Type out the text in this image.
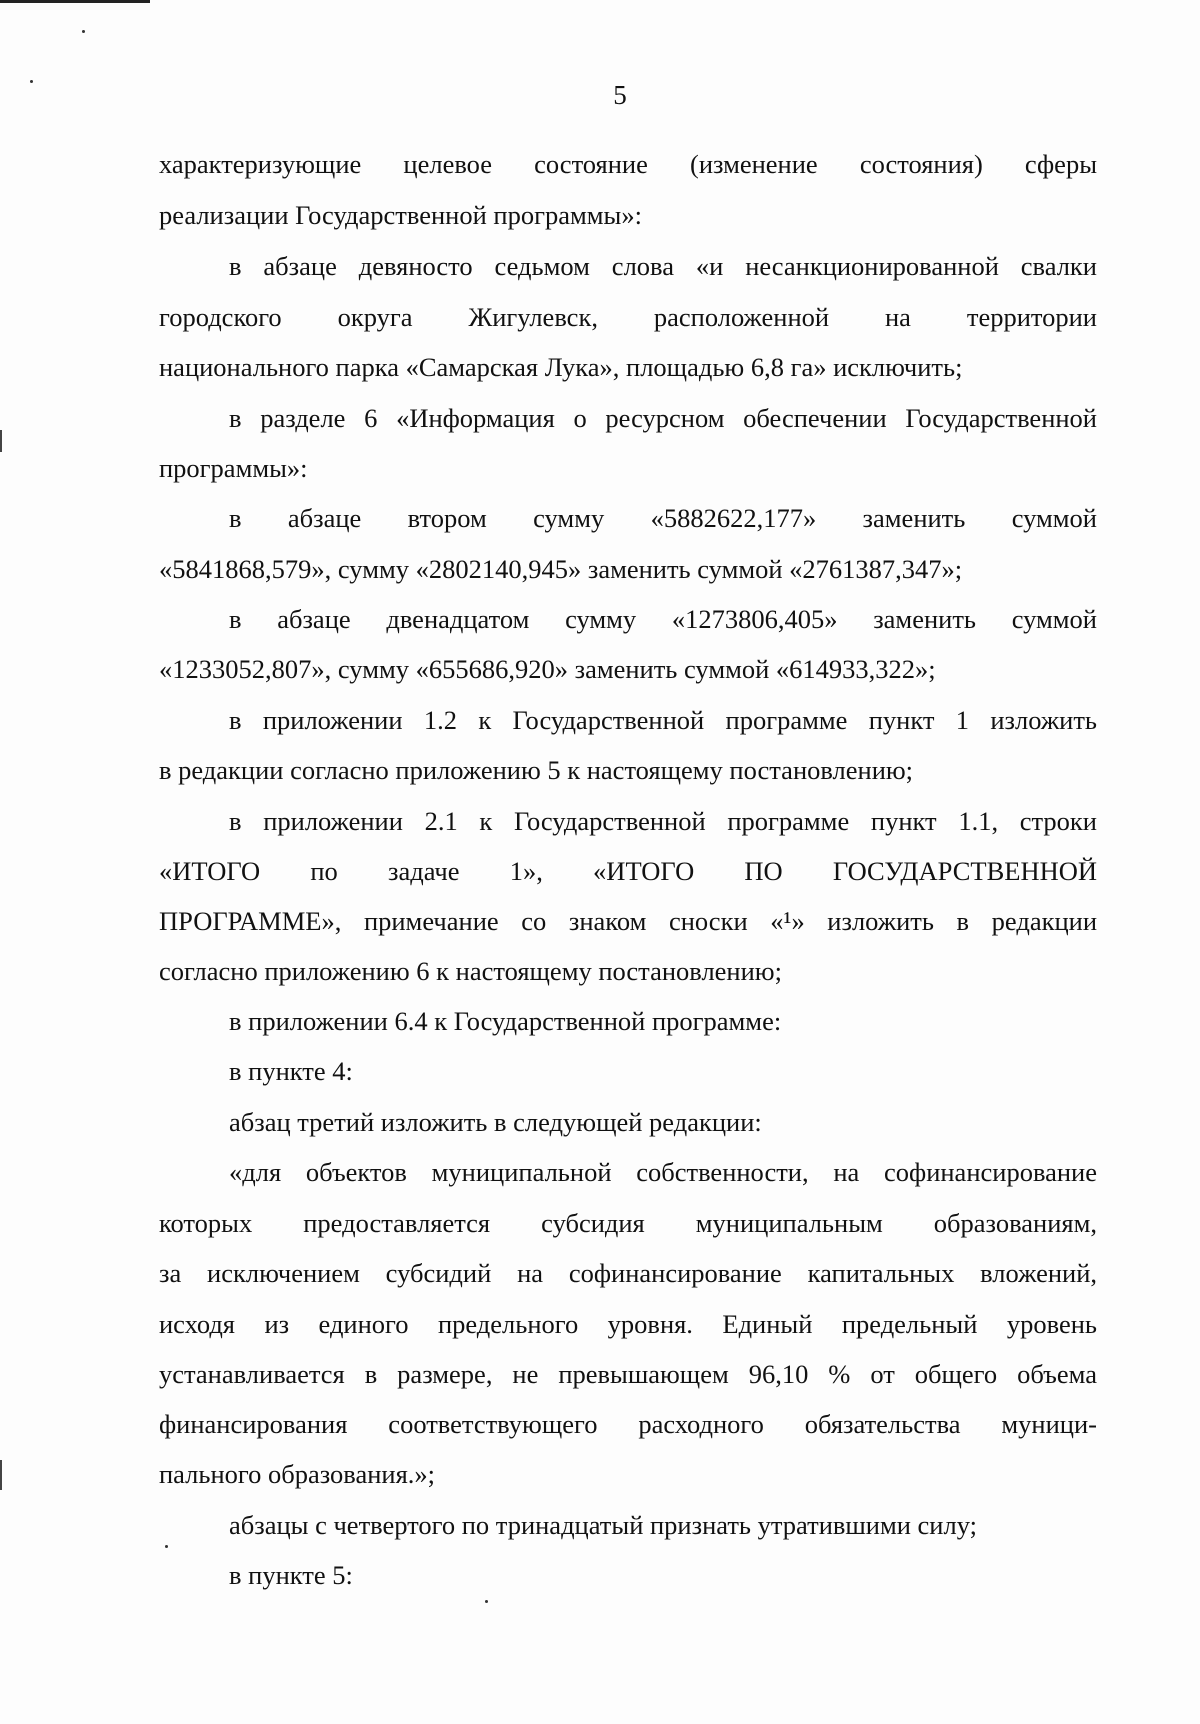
5
характеризующие целевое состояние (изменение состояния) сферы
реализации Государственной программы»:
в абзаце девяносто седьмом слова «и несанкционированной свалки
городского округа Жигулевск, расположенной на территории
национального парка «Самарская Лука», площадью 6,8 га» исключить;
в разделе 6 «Информация о ресурсном обеспечении Государственной
программы»:
в абзаце втором сумму «5882622,177» заменить суммой
«5841868,579», сумму «2802140,945» заменить суммой «2761387,347»;
в абзаце двенадцатом сумму «1273806,405» заменить суммой
«1233052,807», сумму «655686,920» заменить суммой «614933,322»;
в приложении 1.2 к Государственной программе пункт 1 изложить
в редакции согласно приложению 5 к настоящему постановлению;
в приложении 2.1 к Государственной программе пункт 1.1, строки
«ИТОГО по задаче 1», «ИТОГО ПО ГОСУДАРСТВЕННОЙ
ПРОГРАММЕ», примечание со знаком сноски «¹» изложить в редакции
согласно приложению 6 к настоящему постановлению;
в приложении 6.4 к Государственной программе:
в пункте 4:
абзац третий изложить в следующей редакции:
«для объектов муниципальной собственности, на софинансирование
которых предоставляется субсидия муниципальным образованиям,
за исключением субсидий на софинансирование капитальных вложений,
исходя из единого предельного уровня. Единый предельный уровень
устанавливается в размере, не превышающем 96,10 % от общего объема
финансирования соответствующего расходного обязательства муници-
пального образования.»;
абзацы с четвертого по тринадцатый признать утратившими силу;
в пункте 5:
